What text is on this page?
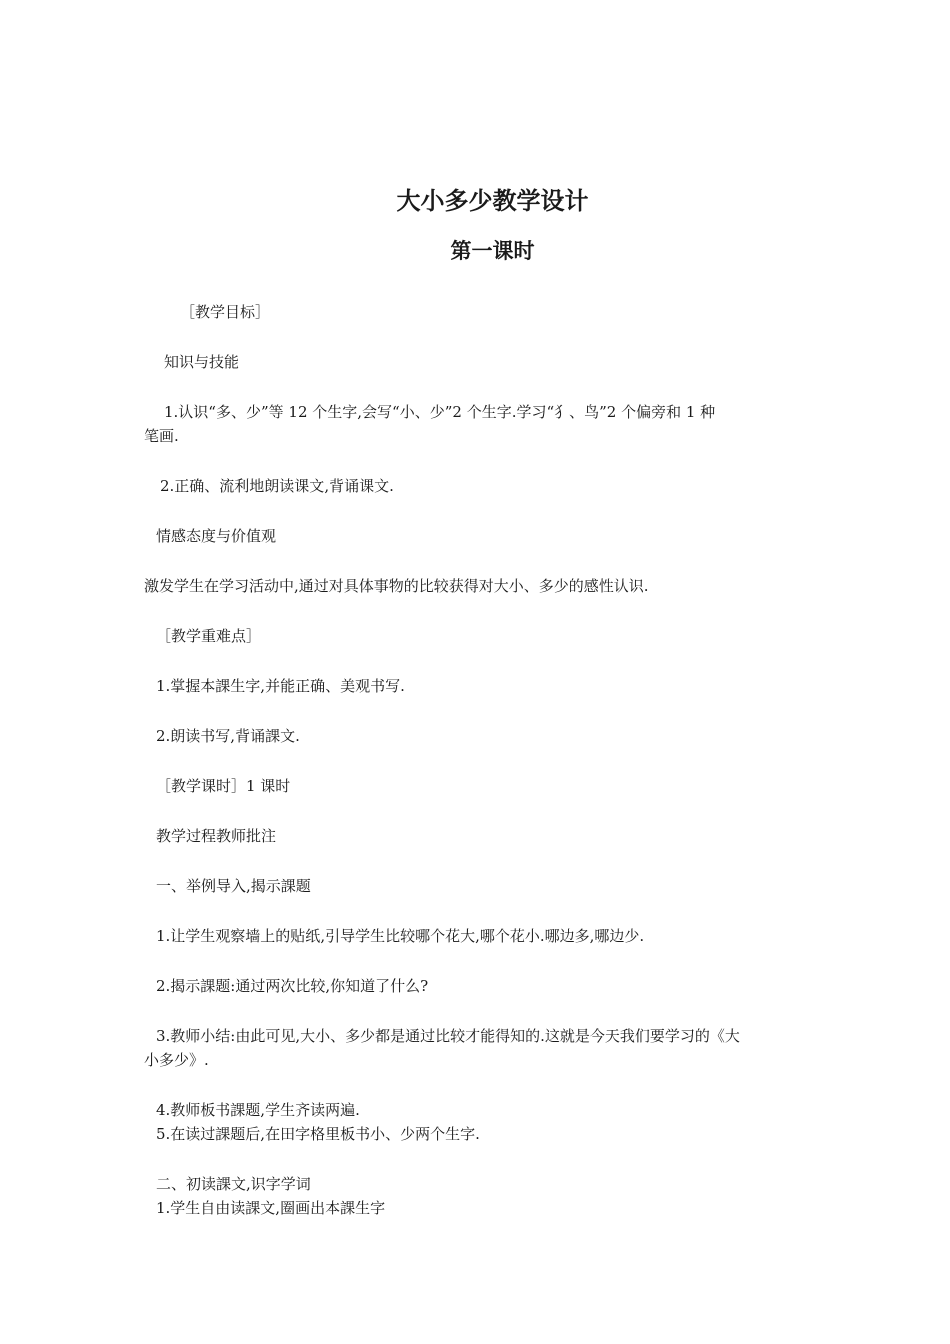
大小多少教学设计
第一课时

［教学目标］

知识与技能

1.认识“多、少”等 12 个生字,会写“小、少”2 个生字.学习“犭、鸟”2 个偏旁和 1 种

笔画.

2.正确、流利地朗读课文,背诵课文.

情感态度与价值观

激发学生在学习活动中,通过对具体事物的比较获得对大小、多少的感性认识.

［教学重难点］

1.掌握本課生字,并能正确、美观书写.

2.朗读书写,背诵課文.

［教学课时］1 课时

教学过程教师批注

一、举例导入,揭示課题

1.让学生观察墙上的贴纸,引导学生比较哪个花大,哪个花小.哪边多,哪边少.

2.揭示課题:通过两次比较,你知道了什么?

3.教师小结:由此可见,大小、多少都是通过比较才能得知的.这就是今天我们要学习的《大

小多少》.

4.教师板书課题,学生齐读两遍.

5.在读过課题后,在田字格里板书小、少两个生字.

二、初读課文,识字学词

1.学生自由读課文,圈画出本課生字
